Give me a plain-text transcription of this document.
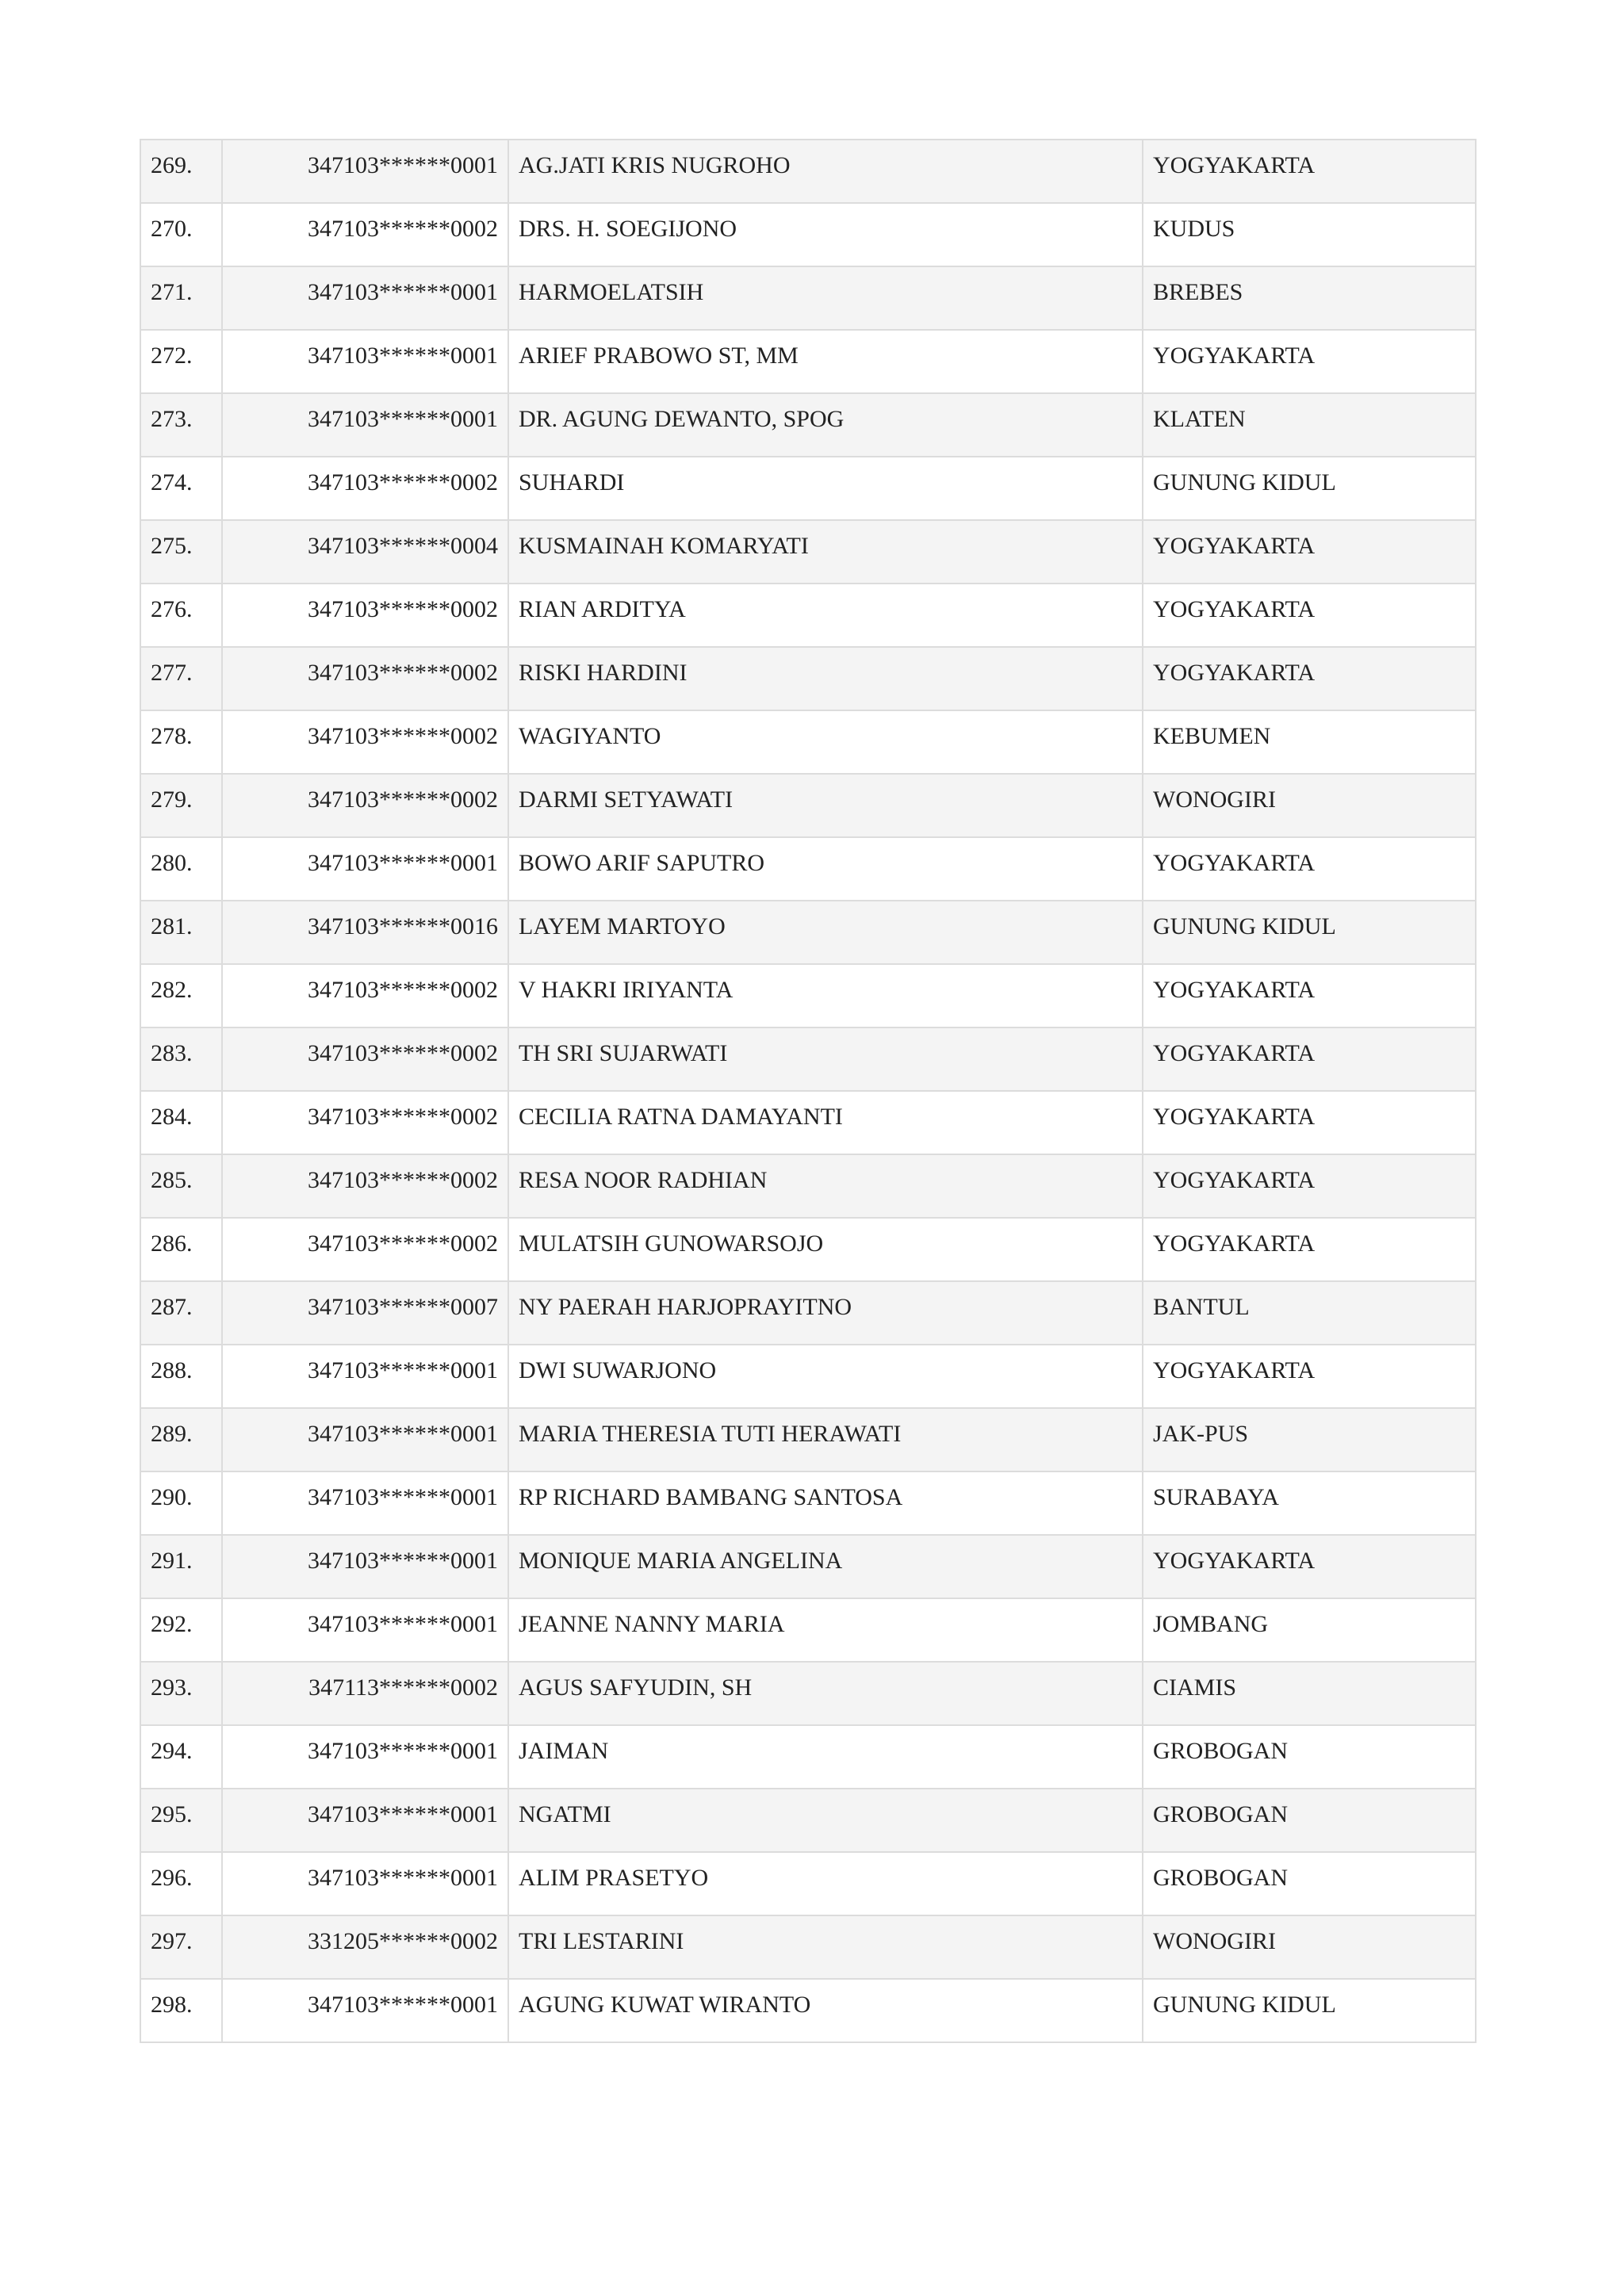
269.	347103******0001	AG.JATI KRIS NUGROHO	YOGYAKARTA
270.	347103******0002	DRS. H. SOEGIJONO	KUDUS
271.	347103******0001	HARMOELATSIH	BREBES
272.	347103******0001	ARIEF PRABOWO ST, MM	YOGYAKARTA
273.	347103******0001	DR. AGUNG DEWANTO, SPOG	KLATEN
274.	347103******0002	SUHARDI	GUNUNG KIDUL
275.	347103******0004	KUSMAINAH KOMARYATI	YOGYAKARTA
276.	347103******0002	RIAN ARDITYA	YOGYAKARTA
277.	347103******0002	RISKI HARDINI	YOGYAKARTA
278.	347103******0002	WAGIYANTO	KEBUMEN
279.	347103******0002	DARMI SETYAWATI	WONOGIRI
280.	347103******0001	BOWO ARIF SAPUTRO	YOGYAKARTA
281.	347103******0016	LAYEM MARTOYO	GUNUNG KIDUL
282.	347103******0002	V HAKRI IRIYANTA	YOGYAKARTA
283.	347103******0002	TH SRI SUJARWATI	YOGYAKARTA
284.	347103******0002	CECILIA RATNA DAMAYANTI	YOGYAKARTA
285.	347103******0002	RESA NOOR RADHIAN	YOGYAKARTA
286.	347103******0002	MULATSIH GUNOWARSOJO	YOGYAKARTA
287.	347103******0007	NY PAERAH HARJOPRAYITNO	BANTUL
288.	347103******0001	DWI SUWARJONO	YOGYAKARTA
289.	347103******0001	MARIA THERESIA TUTI HERAWATI	JAK-PUS
290.	347103******0001	RP RICHARD BAMBANG SANTOSA	SURABAYA
291.	347103******0001	MONIQUE MARIA ANGELINA	YOGYAKARTA
292.	347103******0001	JEANNE NANNY MARIA	JOMBANG
293.	347113******0002	AGUS SAFYUDIN, SH	CIAMIS
294.	347103******0001	JAIMAN	GROBOGAN
295.	347103******0001	NGATMI	GROBOGAN
296.	347103******0001	ALIM PRASETYO	GROBOGAN
297.	331205******0002	TRI LESTARINI	WONOGIRI
298.	347103******0001	AGUNG KUWAT WIRANTO	GUNUNG KIDUL
